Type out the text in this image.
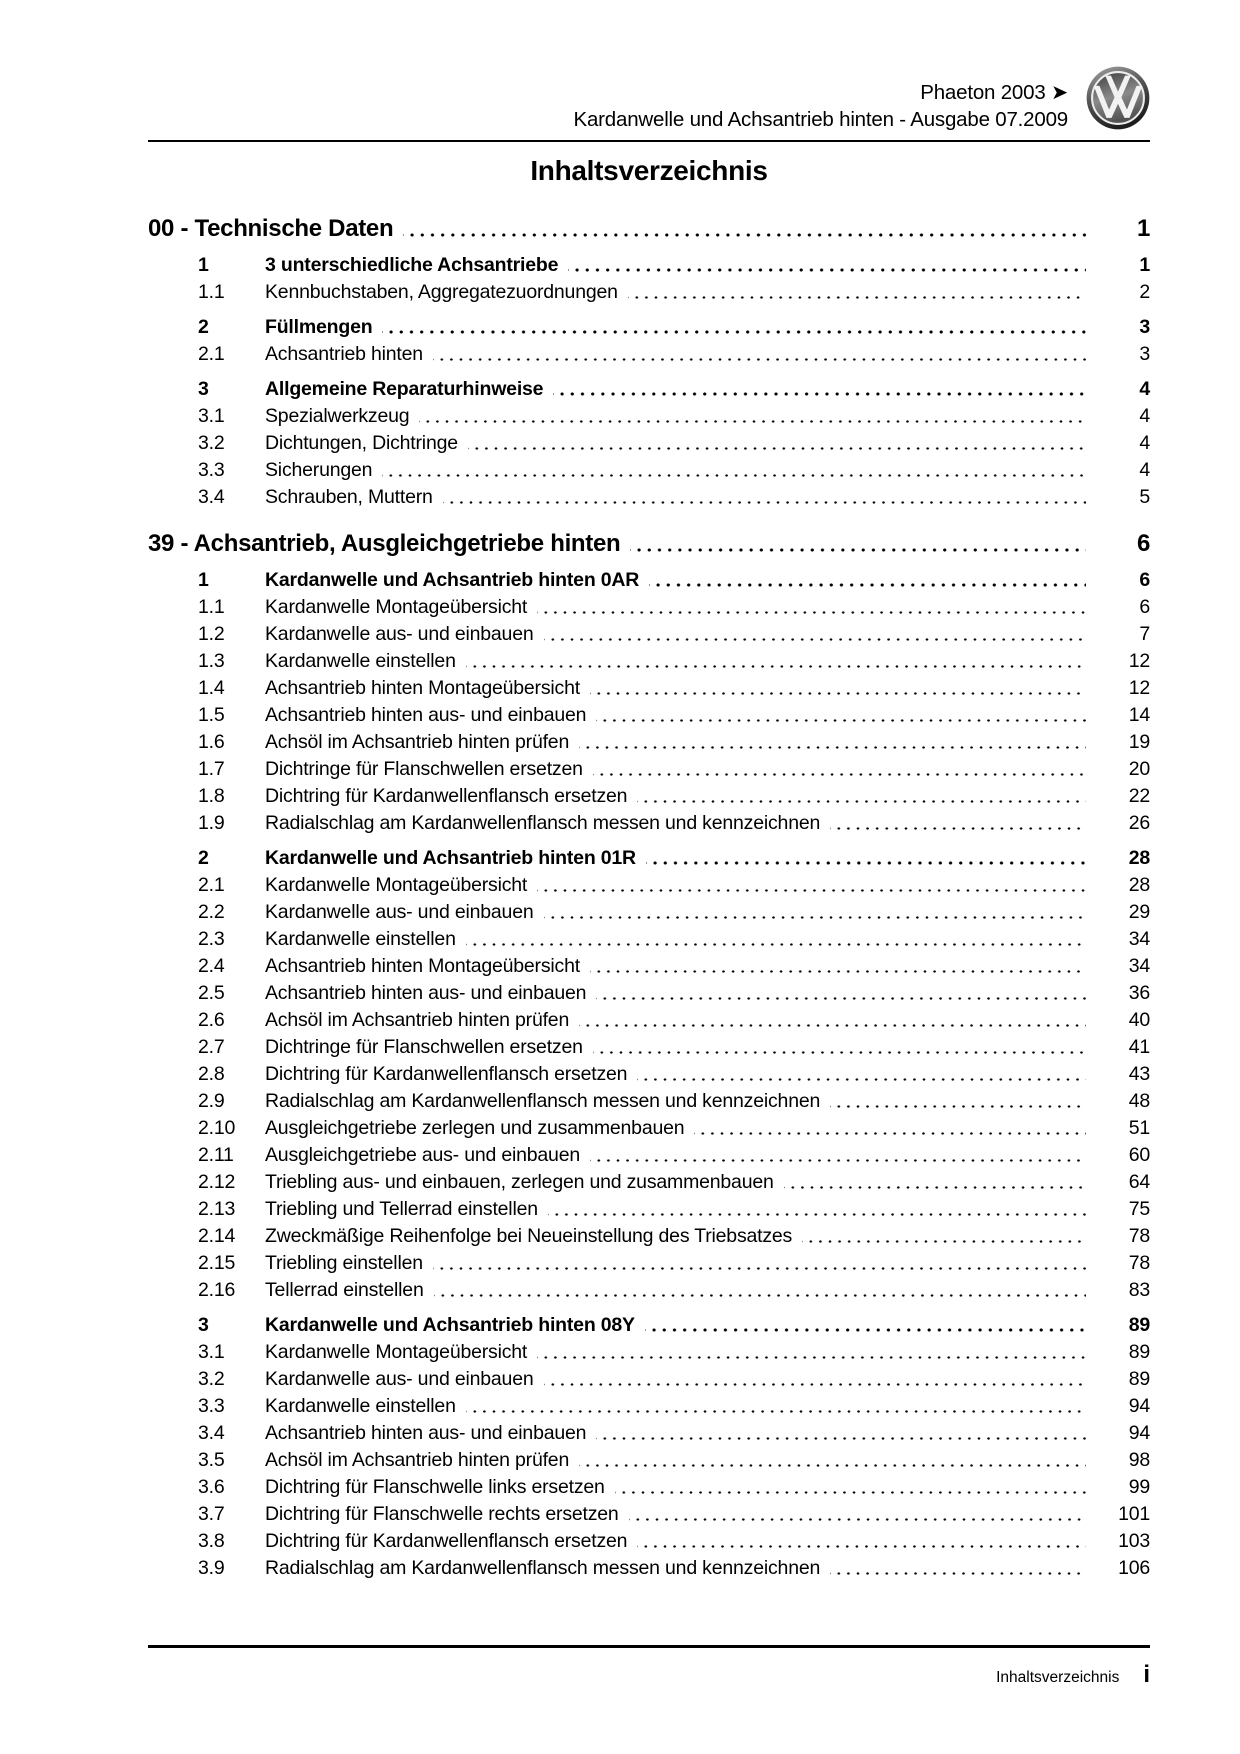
Phaeton 2003 ➤
Kardanwelle und Achsantrieb hinten - Ausgabe 07.2009
Inhaltsverzeichnis
00 - Technische Daten	1
1	3 unterschiedliche Achsantriebe	1
1.1	Kennbuchstaben, Aggregatezuordnungen	2
2	Füllmengen	3
2.1	Achsantrieb hinten	3
3	Allgemeine Reparaturhinweise	4
3.1	Spezialwerkzeug	4
3.2	Dichtungen, Dichtringe	4
3.3	Sicherungen	4
3.4	Schrauben, Muttern	5
39 - Achsantrieb, Ausgleichgetriebe hinten	6
1	Kardanwelle und Achsantrieb hinten 0AR	6
1.1	Kardanwelle Montageübersicht	6
1.2	Kardanwelle aus- und einbauen	7
1.3	Kardanwelle einstellen	12
1.4	Achsantrieb hinten Montageübersicht	12
1.5	Achsantrieb hinten aus- und einbauen	14
1.6	Achsöl im Achsantrieb hinten prüfen	19
1.7	Dichtringe für Flanschwellen ersetzen	20
1.8	Dichtring für Kardanwellenflansch ersetzen	22
1.9	Radialschlag am Kardanwellenflansch messen und kennzeichnen	26
2	Kardanwelle und Achsantrieb hinten 01R	28
2.1	Kardanwelle Montageübersicht	28
2.2	Kardanwelle aus- und einbauen	29
2.3	Kardanwelle einstellen	34
2.4	Achsantrieb hinten Montageübersicht	34
2.5	Achsantrieb hinten aus- und einbauen	36
2.6	Achsöl im Achsantrieb hinten prüfen	40
2.7	Dichtringe für Flanschwellen ersetzen	41
2.8	Dichtring für Kardanwellenflansch ersetzen	43
2.9	Radialschlag am Kardanwellenflansch messen und kennzeichnen	48
2.10	Ausgleichgetriebe zerlegen und zusammenbauen	51
2.11	Ausgleichgetriebe aus- und einbauen	60
2.12	Triebling aus- und einbauen, zerlegen und zusammenbauen	64
2.13	Triebling und Tellerrad einstellen	75
2.14	Zweckmäßige Reihenfolge bei Neueinstellung des Triebsatzes	78
2.15	Triebling einstellen	78
2.16	Tellerrad einstellen	83
3	Kardanwelle und Achsantrieb hinten 08Y	89
3.1	Kardanwelle Montageübersicht	89
3.2	Kardanwelle aus- und einbauen	89
3.3	Kardanwelle einstellen	94
3.4	Achsantrieb hinten aus- und einbauen	94
3.5	Achsöl im Achsantrieb hinten prüfen	98
3.6	Dichtring für Flanschwelle links ersetzen	99
3.7	Dichtring für Flanschwelle rechts ersetzen	101
3.8	Dichtring für Kardanwellenflansch ersetzen	103
3.9	Radialschlag am Kardanwellenflansch messen und kennzeichnen	106
Inhaltsverzeichnis i
